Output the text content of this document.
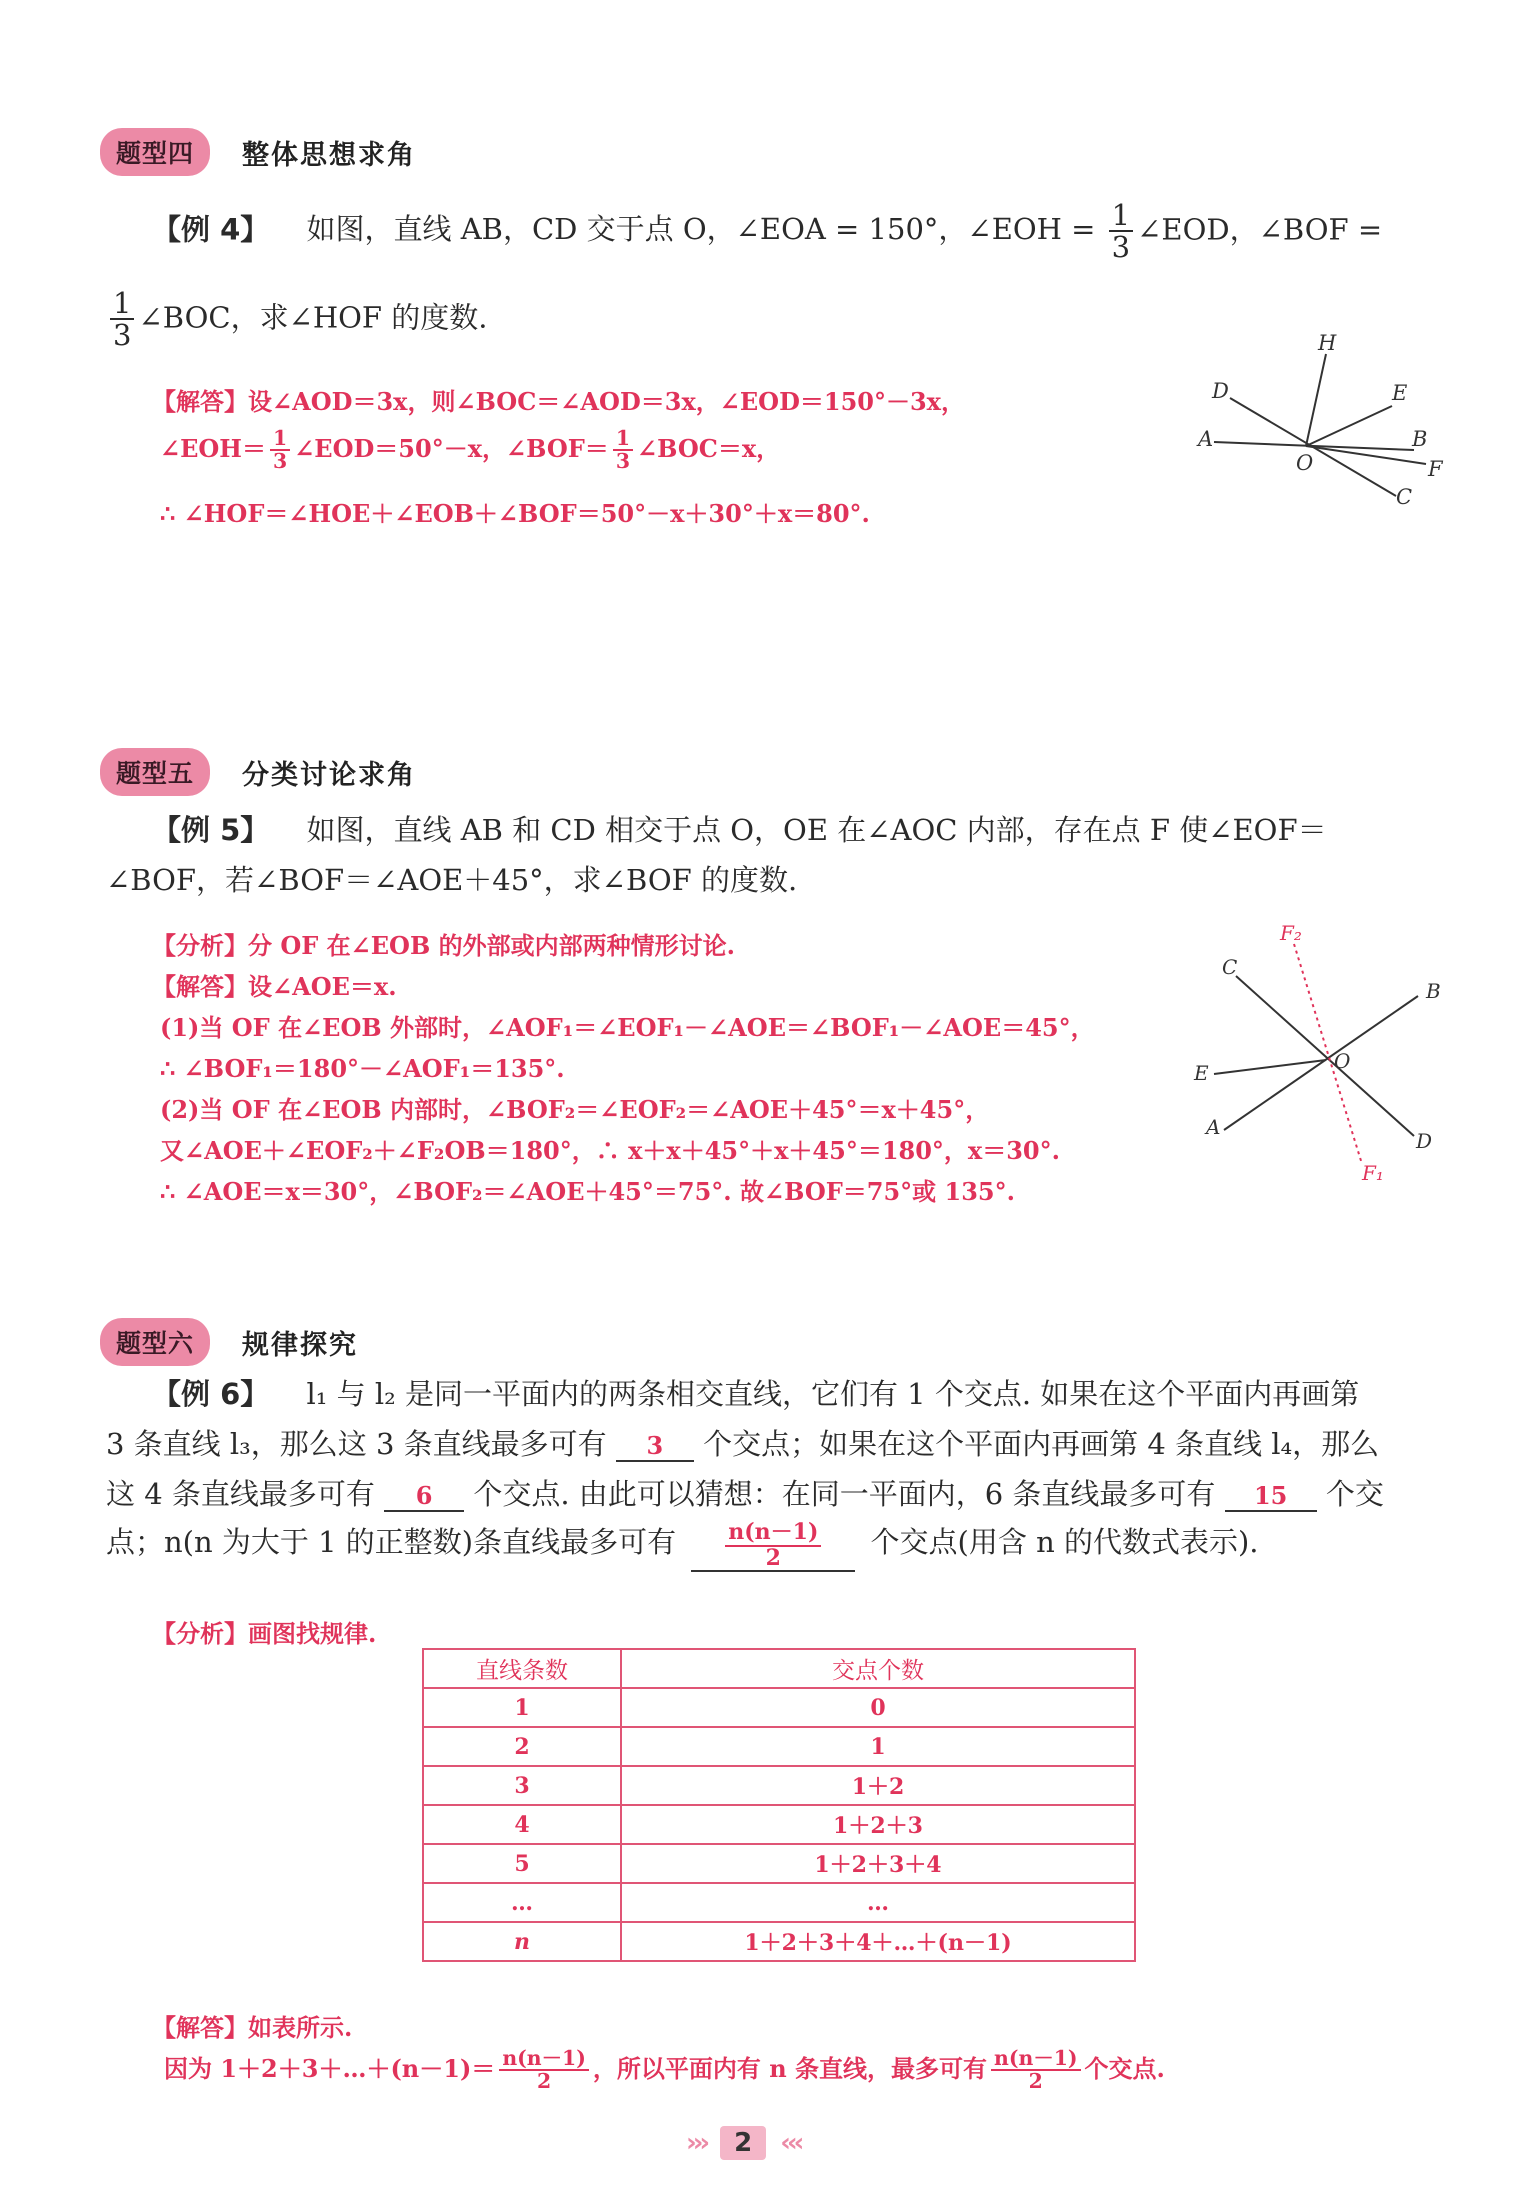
题型四	整体思想求角
【例 4】 如图，直线 AB，CD 交于点 O，∠EOA = 150°，∠EOH = $\frac{1}{3}$ ∠EOD，∠BOF =
$\frac{1}{3}$ ∠BOC，求∠HOF 的度数.
【解答】设∠AOD＝3x，则∠BOC＝∠AOD＝3x，∠EOD＝150°－3x，
∠EOH＝ $\frac{1}{3}$ ∠EOD＝50°－x，∠BOF＝ $\frac{1}{3}$ ∠BOC＝x，
∴ ∠HOF＝∠HOE＋∠EOB＋∠BOF＝50°－x＋30°＋x＝80°.
H
D	E
A	B
O	F
C
题型五	分类讨论求角
【例 5】 如图，直线 AB 和 CD 相交于点 O，OE 在∠AOC 内部，存在点 F 使∠EOF＝
∠BOF，若∠BOF＝∠AOE＋45°，求∠BOF 的度数.
【分析】分 OF 在∠EOB 的外部或内部两种情形讨论.
【解答】设∠AOE＝x.
(1)当 OF 在∠EOB 外部时，∠AOF₁＝∠EOF₁－∠AOE＝∠BOF₁－∠AOE＝45°，
∴ ∠BOF₁＝180°－∠AOF₁＝135°.
(2)当 OF 在∠EOB 内部时，∠BOF₂＝∠EOF₂＝∠AOE＋45°＝x＋45°，
又∠AOE＋∠EOF₂＋∠F₂OB＝180°，∴ x＋x＋45°＋x＋45°＝180°，x＝30°.
∴ ∠AOE＝x＝30°，∠BOF₂＝∠AOE＋45°＝75°. 故∠BOF＝75°或 135°.
F₂
C
B
E	O
A
D
F₁
题型六	规律探究
【例 6】 l₁ 与 l₂ 是同一平面内的两条相交直线，它们有 1 个交点. 如果在这个平面内再画第
3 条直线 l₃，那么这 3 条直线最多可有 3 个交点；如果在这个平面内再画第 4 条直线 l₄，那么
这 4 条直线最多可有 6 个交点. 由此可以猜想：在同一平面内，6 条直线最多可有 15 个交
点；n(n 为大于 1 的正整数)条直线最多可有 $\frac{n(n-1)}{2}$ 个交点(用含 n 的代数式表示).
【分析】画图找规律.
直线条数	交点个数
1	0
2	1
3	1＋2
4	1＋2＋3
5	1＋2＋3＋4
…	…
n	1＋2＋3＋4＋…＋(n－1)
【解答】如表所示.
因为 1＋2＋3＋…＋(n－1)＝ $\frac{n(n-1)}{2}$ ，所以平面内有 n 条直线，最多可有 $\frac{n(n-1)}{2}$ 个交点.
›››	2	‹‹‹
